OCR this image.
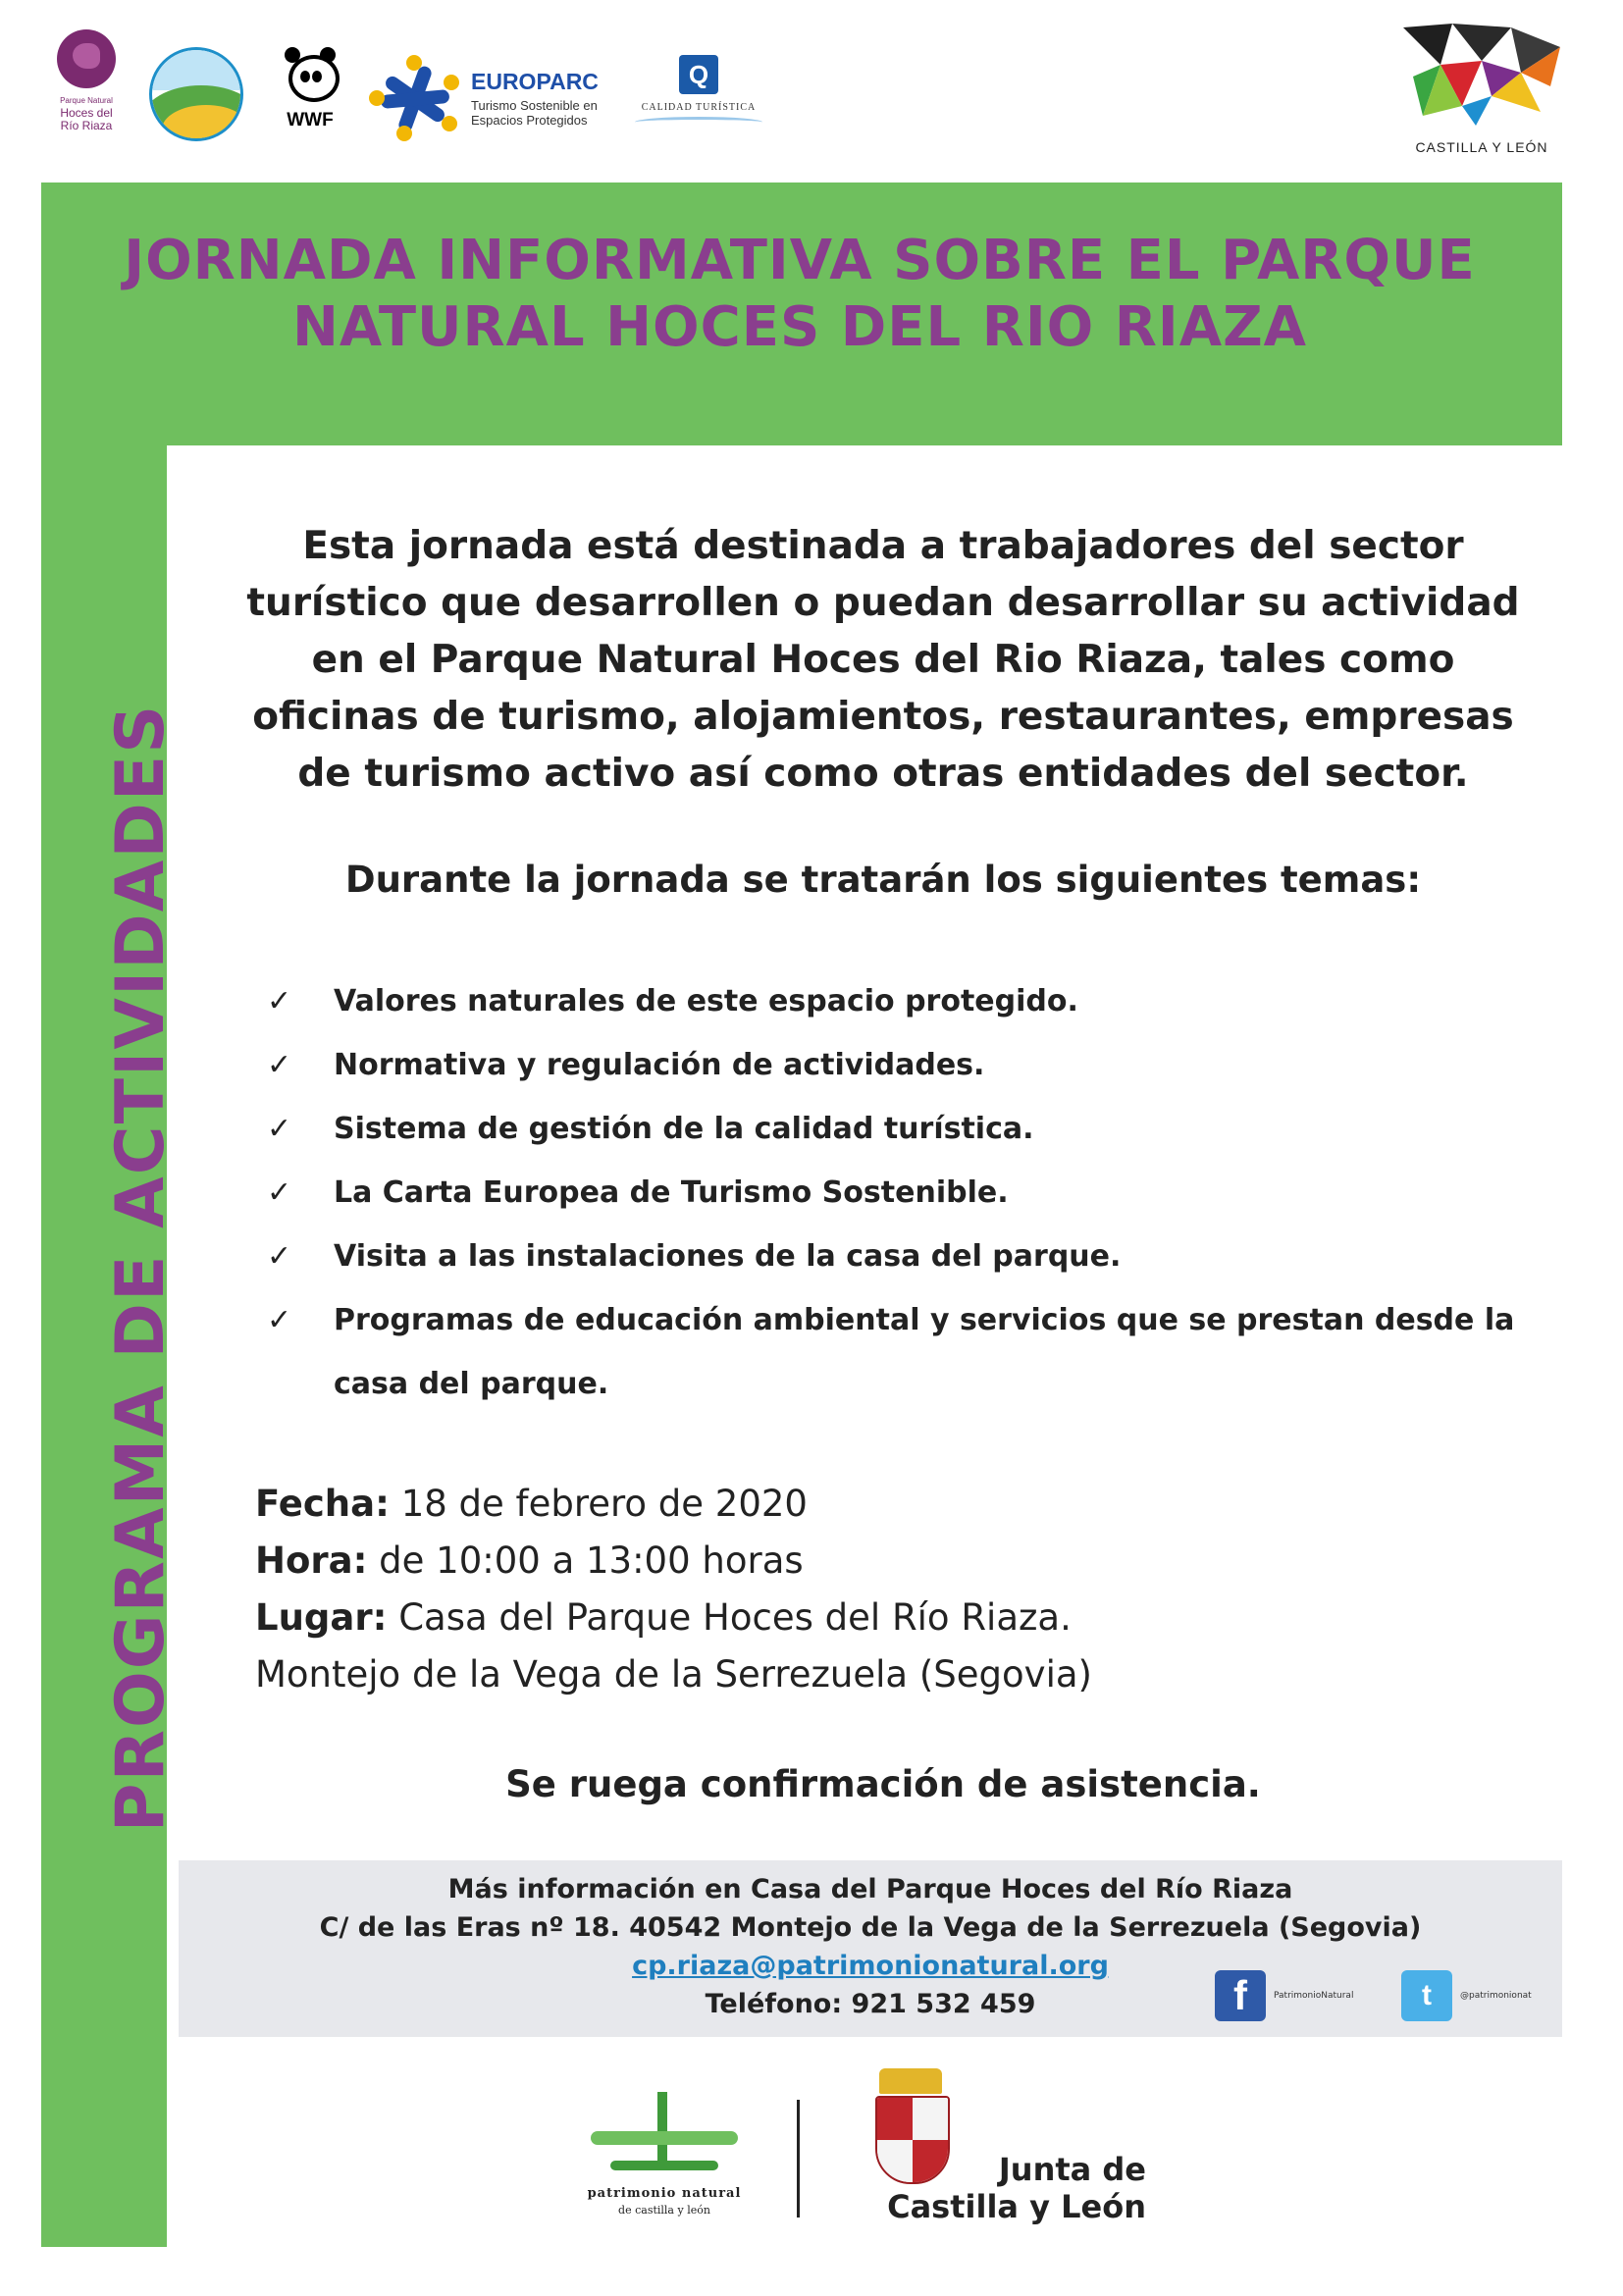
Parque Natural
Hoces del
Río Riaza	WWF
EUROPARC
Turismo Sostenible en
Espacios Protegidos
Q
CALIDAD TURÍSTICA
CASTILLA Y LEÓN
JORNADA INFORMATIVA SOBRE EL PARQUE
NATURAL HOCES DEL RIO RIAZA
PROGRAMA DE ACTIVIDADES

Esta jornada está destinada a trabajadores del sector turístico que desarrollen o puedan desarrollar su actividad en el Parque Natural Hoces del Rio Riaza, tales como oficinas de turismo, alojamientos, restaurantes, empresas de turismo activo así como otras entidades del sector.

Durante la jornada se tratarán los siguientes temas:

✓ Valores naturales de este espacio protegido.
✓ Normativa y regulación de actividades.
✓ Sistema de gestión de la calidad turística.
✓ La Carta Europea de Turismo Sostenible.
✓ Visita a las instalaciones de la casa del parque.
✓ Programas de educación ambiental y servicios que se prestan desde la casa del parque.
Fecha: 18 de febrero de 2020
Hora: de 10:00 a 13:00 horas
Lugar: Casa del Parque Hoces del Río Riaza.
Montejo de la Vega de la Serrezuela (Segovia)

Se ruega confirmación de asistencia.

Más información en Casa del Parque Hoces del Río Riaza
C/ de las Eras nº 18. 40542 Montejo de la Vega de la Serrezuela (Segovia)
cp.riaza@patrimonionatural.org
Teléfono: 921 532 459	f	PatrimonioNatural	t	@patrimonionat
patrimonio natural
de castilla y león
Junta de
Castilla y León
